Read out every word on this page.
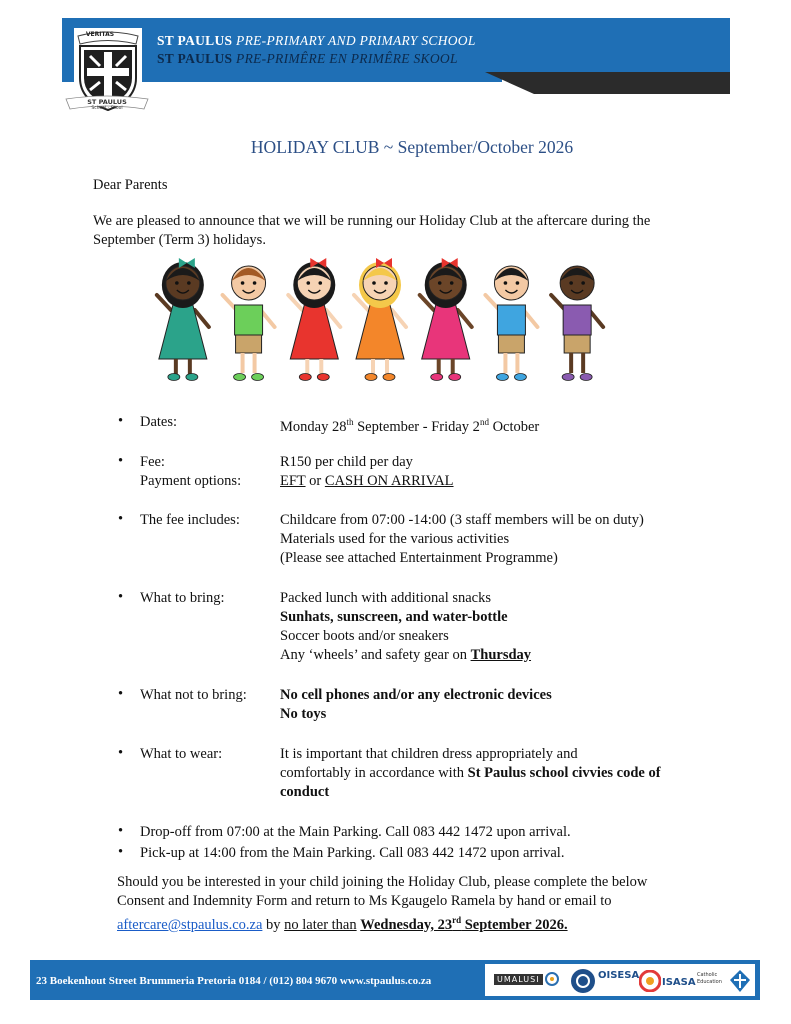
VERITAS
ST PAULUS
School · Skool
ST PAULUS PRE-PRIMARY AND PRIMARY SCHOOL
ST PAULUS PRE-PRIMÊRE EN PRIMÊRE SKOOL
HOLIDAY CLUB ~ September/October 2026
Dear Parents
We are pleased to announce that we will be running our Holiday Club at the aftercare during the
September (Term 3) holidays.
• Dates:	Monday 28th September - Friday 2nd October
• Fee:	R150 per child per day
Payment options:	EFT or CASH ON ARRIVAL
• The fee includes:	Childcare from 07:00 -14:00 (3 staff members will be on duty)
Materials used for the various activities
(Please see attached Entertainment Programme)
• What to bring:	Packed lunch with additional snacks
Sunhats, sunscreen, and water-bottle
Soccer boots and/or sneakers
Any ‘wheels’ and safety gear on Thursday
• What not to bring: No cell phones and/or any electronic devices
No toys
• What to wear:	It is important that children dress appropriately and
comfortably in accordance with St Paulus school civvies code of
conduct
• Drop-off from 07:00 at the Main Parking. Call 083 442 1472 upon arrival.
• Pick-up at 14:00 from the Main Parking. Call 083 442 1472 upon arrival.
Should you be interested in your child joining the Holiday Club, please complete the below
Consent and Indemnity Form and return to Ms Kgaugelo Ramela by hand or email to
aftercare@stpaulus.co.za by no later than Wednesday, 23rd September 2026.
23 Boekenhout Street Brummeria Pretoria 0184 / (012) 804 9670 www.stpaulus.co.za	UMALUSI	OISESA
ISASA
Catholic Education
